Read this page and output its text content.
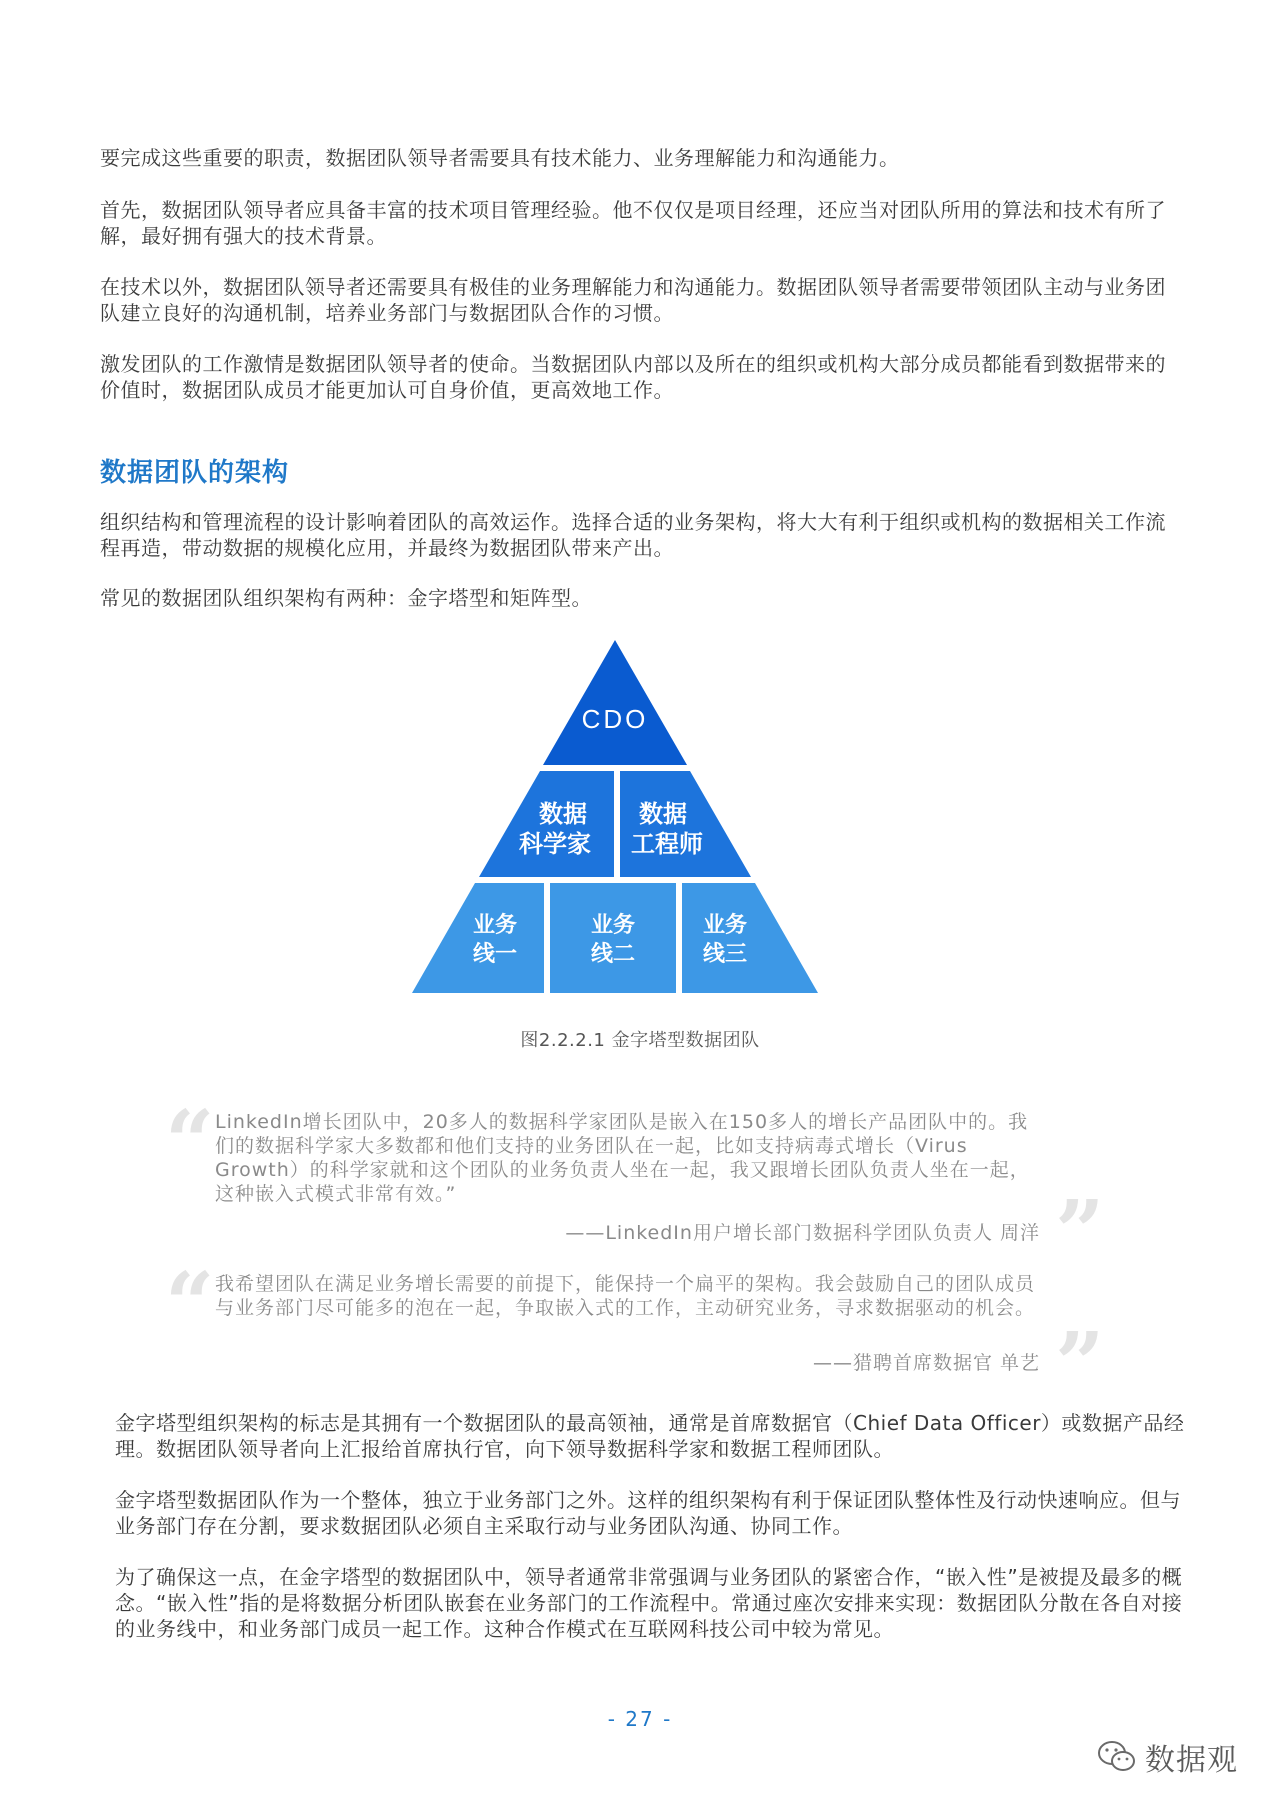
要完成这些重要的职责，数据团队领导者需要具有技术能力、业务理解能力和沟通能力。

首先，数据团队领导者应具备丰富的技术项目管理经验。他不仅仅是项目经理，还应当对团队所用的算法和技术有所了解，最好拥有强大的技术背景。

在技术以外，数据团队领导者还需要具有极佳的业务理解能力和沟通能力。数据团队领导者需要带领团队主动与业务团队建立良好的沟通机制，培养业务部门与数据团队合作的习惯。

激发团队的工作激情是数据团队领导者的使命。当数据团队内部以及所在的组织或机构大部分成员都能看到数据带来的价值时，数据团队成员才能更加认可自身价值，更高效地工作。

数据团队的架构

组织结构和管理流程的设计影响着团队的高效运作。选择合适的业务架构，将大大有利于组织或机构的数据相关工作流程再造，带动数据的规模化应用，并最终为数据团队带来产出。

常见的数据团队组织架构有两种：金字塔型和矩阵型。

CDO
数据科学家
数据工程师
业务线一
业务线二
业务线三
图2.2.2.1 金字塔型数据团队
“ LinkedIn增长团队中，20多人的数据科学家团队是嵌入在150多人的增长产品团队中的。我们的数据科学家大多数都和他们支持的业务团队在一起，比如支持病毒式增长（Virus Growth）的科学家就和这个团队的业务负责人坐在一起，我又跟增长团队负责人坐在一起，这种嵌入式模式非常有效。”

——LinkedIn用户增长部门数据科学团队负责人 周洋 ”
“ 我希望团队在满足业务增长需要的前提下，能保持一个扁平的架构。我会鼓励自己的团队成员与业务部门尽可能多的泡在一起，争取嵌入式的工作，主动研究业务，寻求数据驱动的机会。

——猎聘首席数据官 单艺 ”

金字塔型组织架构的标志是其拥有一个数据团队的最高领袖，通常是首席数据官（Chief Data Officer）或数据产品经理。数据团队领导者向上汇报给首席执行官，向下领导数据科学家和数据工程师团队。

金字塔型数据团队作为一个整体，独立于业务部门之外。这样的组织架构有利于保证团队整体性及行动快速响应。但与业务部门存在分割，要求数据团队必须自主采取行动与业务团队沟通、协同工作。

为了确保这一点，在金字塔型的数据团队中，领导者通常非常强调与业务团队的紧密合作，“嵌入性”是被提及最多的概念。“嵌入性”指的是将数据分析团队嵌套在业务部门的工作流程中。常通过座次安排来实现：数据团队分散在各自对接的业务线中，和业务部门成员一起工作。这种合作模式在互联网科技公司中较为常见。

- 27 -
数据观
